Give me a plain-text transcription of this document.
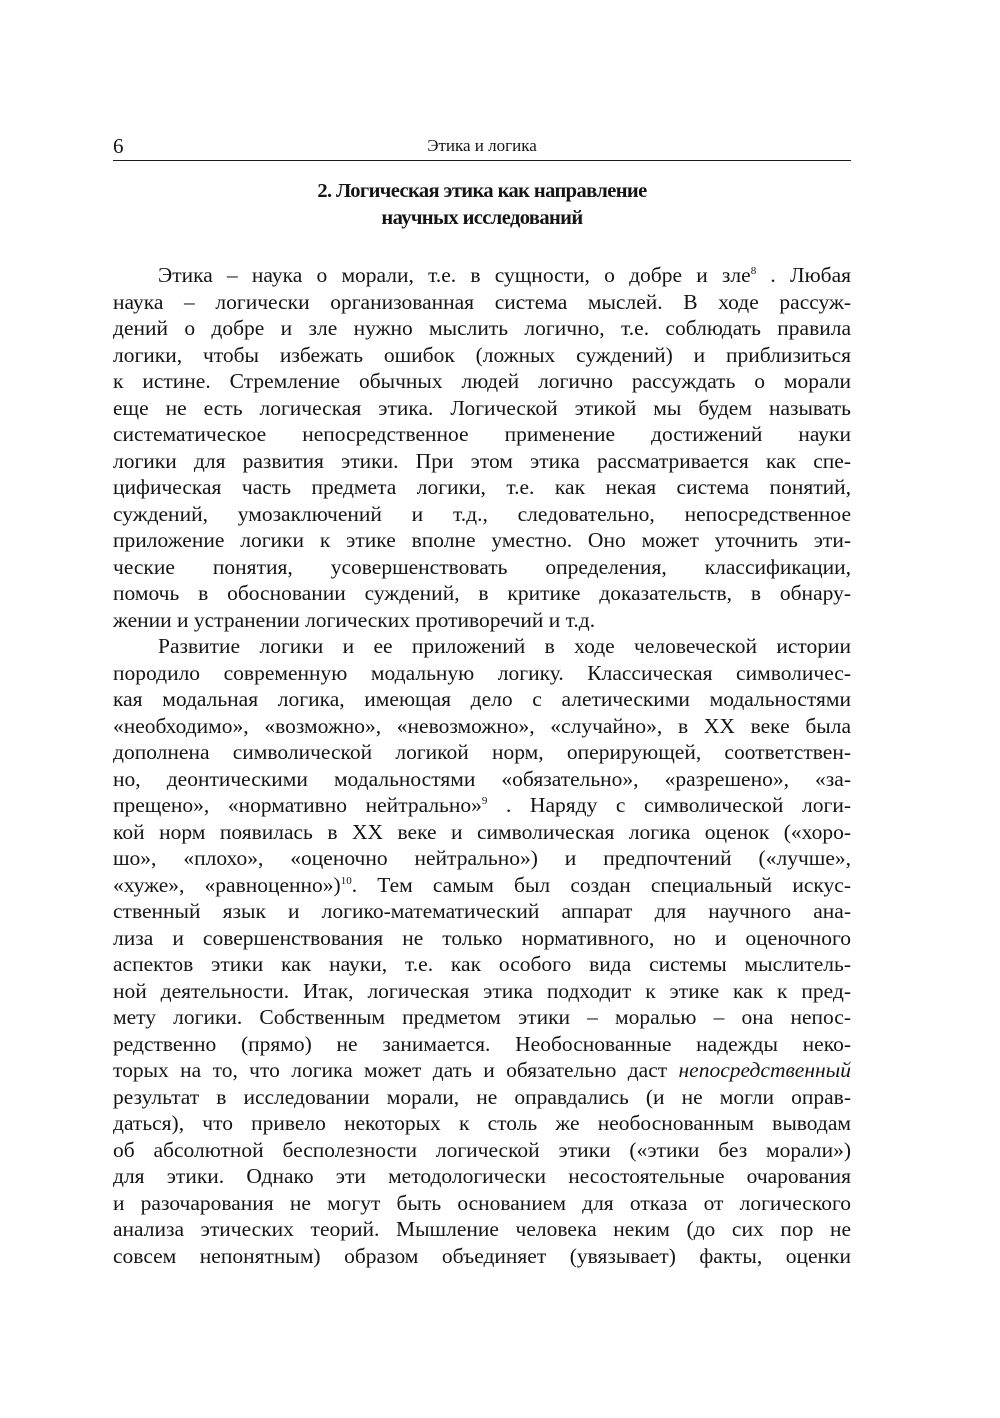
6	Этика и логика
2. Логическая этика как направление
научных исследований
Этика – наука о морали, т.е. в сущности, о добре и зле$^8$ . Любая
наука – логически организованная система мыслей. В ходе рассуж-
дений о добре и зле нужно мыслить логично, т.е. соблюдать правила
логики, чтобы избежать ошибок (ложных суждений) и приблизиться
к истине. Стремление обычных людей логично рассуждать о морали
еще не есть логическая этика. Логической этикой мы будем называть
систематическое непосредственное применение достижений науки
логики для развития этики. При этом этика рассматривается как спе-
цифическая часть предмета логики, т.е. как некая система понятий,
суждений, умозаключений и т.д., следовательно, непосредственное
приложение логики к этике вполне уместно. Оно может уточнить эти-
ческие понятия, усовершенствовать определения, классификации,
помочь в обосновании суждений, в критике доказательств, в обнару-
жении и устранении логических противоречий и т.д.
Развитие логики и ее приложений в ходе человеческой истории
породило современную модальную логику. Классическая символичес-
кая модальная логика, имеющая дело с алетическими модальностями
«необходимо», «возможно», «невозможно», «случайно», в XX веке была
дополнена символической логикой норм, оперирующей, соответствен-
но, деонтическими модальностями «обязательно», «разрешено», «за-
прещено», «нормативно нейтрально»$^9$ . Наряду с символической логи-
кой норм появилась в XX веке и символическая логика оценок («хоро-
шо», «плохо», «оценочно нейтрально») и предпочтений («лучше»,
«хуже», «равноценно»)$^{10}$. Тем самым был создан специальный искус-
ственный язык и логико-математический аппарат для научного ана-
лиза и совершенствования не только нормативного, но и оценочного
аспектов этики как науки, т.е. как особого вида системы мыслитель-
ной деятельности. Итак, логическая этика подходит к этике как к пред-
мету логики. Собственным предметом этики – моралью – она непос-
редственно (прямо) не занимается. Необоснованные надежды неко-
торых на то, что логика может дать и обязательно даст непосредственный
результат в исследовании морали, не оправдались (и не могли оправ-
даться), что привело некоторых к столь же необоснованным выводам
об абсолютной бесполезности логической этики («этики без морали»)
для этики. Однако эти методологически несостоятельные очарования
и разочарования не могут быть основанием для отказа от логического
анализа этических теорий. Мышление человека неким (до сих пор не
совсем непонятным) образом объединяет (увязывает) факты, оценки
